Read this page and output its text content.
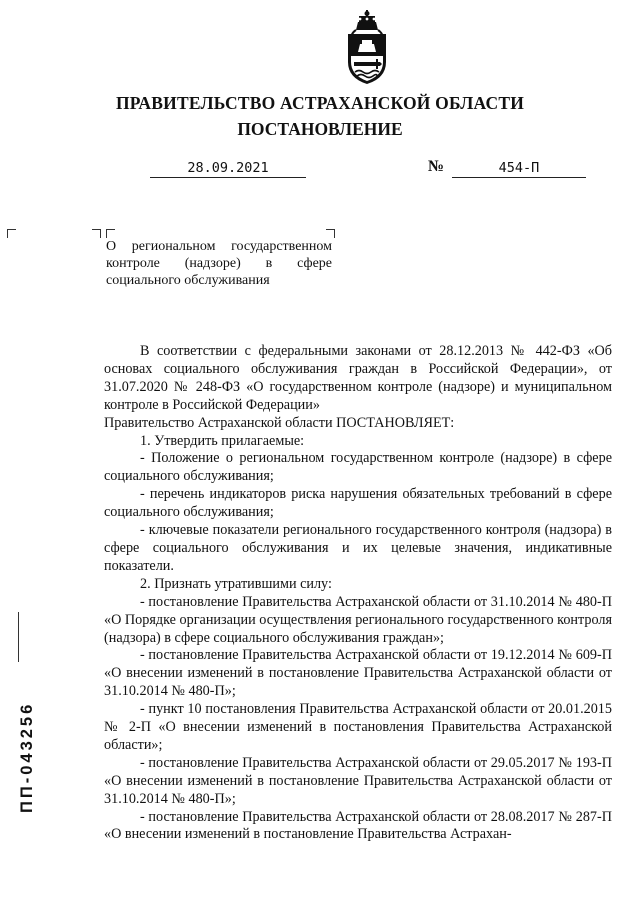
ПРАВИТЕЛЬСТВО АСТРАХАНСКОЙ ОБЛАСТИ
ПОСТАНОВЛЕНИЕ
28.09.2021	№	454-П
О региональном государственном контроле (надзоре) в сфере социального обслуживания

В соответствии с федеральными законами от 28.12.2013 № 442-ФЗ «Об основах социального обслуживания граждан в Российской Федерации», от 31.07.2020 № 248-ФЗ «О государственном контроле (надзоре) и муниципальном контроле в Российской Федерации»

Правительство Астраханской области ПОСТАНОВЛЯЕТ:

1. Утвердить прилагаемые:

- Положение о региональном государственном контроле (надзоре) в сфере социального обслуживания;

- перечень индикаторов риска нарушения обязательных требований в сфере социального обслуживания;

- ключевые показатели регионального государственного контроля (надзора) в сфере социального обслуживания и их целевые значения, индикативные показатели.

2. Признать утратившими силу:

- постановление Правительства Астраханской области от 31.10.2014 № 480-П «О Порядке организации осуществления регионального государственного контроля (надзора) в сфере социального обслуживания граждан»;

- постановление Правительства Астраханской области от 19.12.2014 № 609-П «О внесении изменений в постановление Правительства Астраханской области от 31.10.2014 № 480-П»;

- пункт 10 постановления Правительства Астраханской области от 20.01.2015 № 2-П «О внесении изменений в постановления Правительства Астраханской области»;

- постановление Правительства Астраханской области от 29.05.2017 № 193-П «О внесении изменений в постановление Правительства Астраханской области от 31.10.2014 № 480-П»;

- постановление Правительства Астраханской области от 28.08.2017 № 287-П «О внесении изменений в постановление Правительства Астрахан-

ПП-043256
